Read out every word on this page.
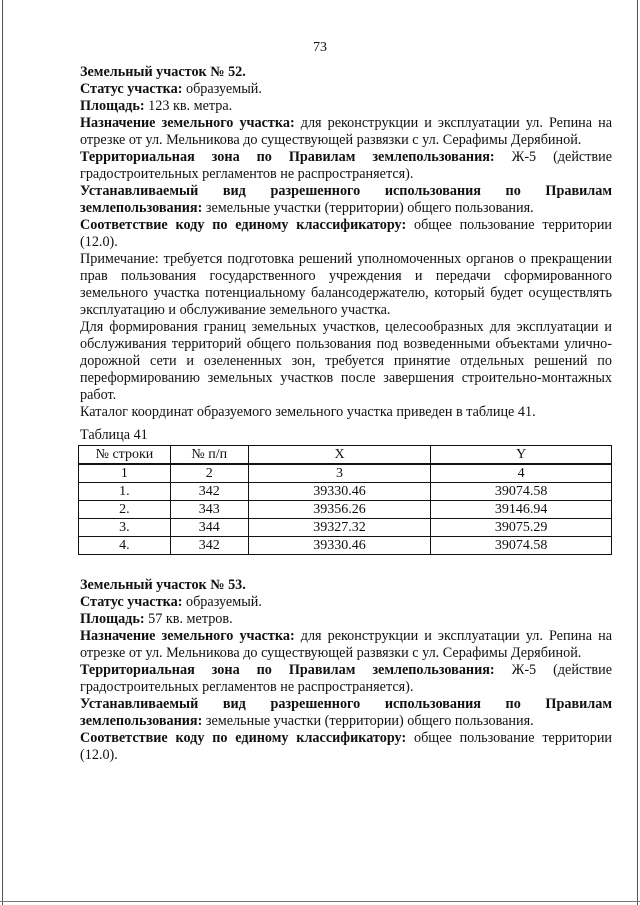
73

Земельный участок № 52.

Статус участка: образуемый.

Площадь: 123 кв. метра.

Назначение земельного участка: для реконструкции и эксплуатации ул. Репина на отрезке от ул. Мельникова до существующей развязки с ул. Серафимы Дерябиной.

Территориальная зона по Правилам землепользования: Ж-5 (действие градостроительных регламентов не распространяется).

Устанавливаемый вид разрешенного использования по Правилам землепользования: земельные участки (территории) общего пользования.

Соответствие коду по единому классификатору: общее пользование территории (12.0).

Примечание: требуется подготовка решений уполномоченных органов о прекращении прав пользования государственного учреждения и передачи сформированного земельного участка потенциальному балансодержателю, который будет осуществлять эксплуатацию и обслуживание земельного участка.

Для формирования границ земельных участков, целесообразных для эксплуатации и обслуживания территорий общего пользования под возведенными объектами улично-дорожной сети и озелененных зон, требуется принятие отдельных решений по переформированию земельных участков после завершения строительно-монтажных работ.

Каталог координат образуемого земельного участка приведен в таблице 41.

Таблица 41

№ строки	№ п/п	X	Y
1	2	3	4
1.	342	39330.46	39074.58
2.	343	39356.26	39146.94
3.	344	39327.32	39075.29
4.	342	39330.46	39074.58

Земельный участок № 53.

Статус участка: образуемый.

Площадь: 57 кв. метров.

Назначение земельного участка: для реконструкции и эксплуатации ул. Репина на отрезке от ул. Мельникова до существующей развязки с ул. Серафимы Дерябиной.

Территориальная зона по Правилам землепользования: Ж-5 (действие градостроительных регламентов не распространяется).

Устанавливаемый вид разрешенного использования по Правилам землепользования: земельные участки (территории) общего пользования.

Соответствие коду по единому классификатору: общее пользование территории (12.0).
